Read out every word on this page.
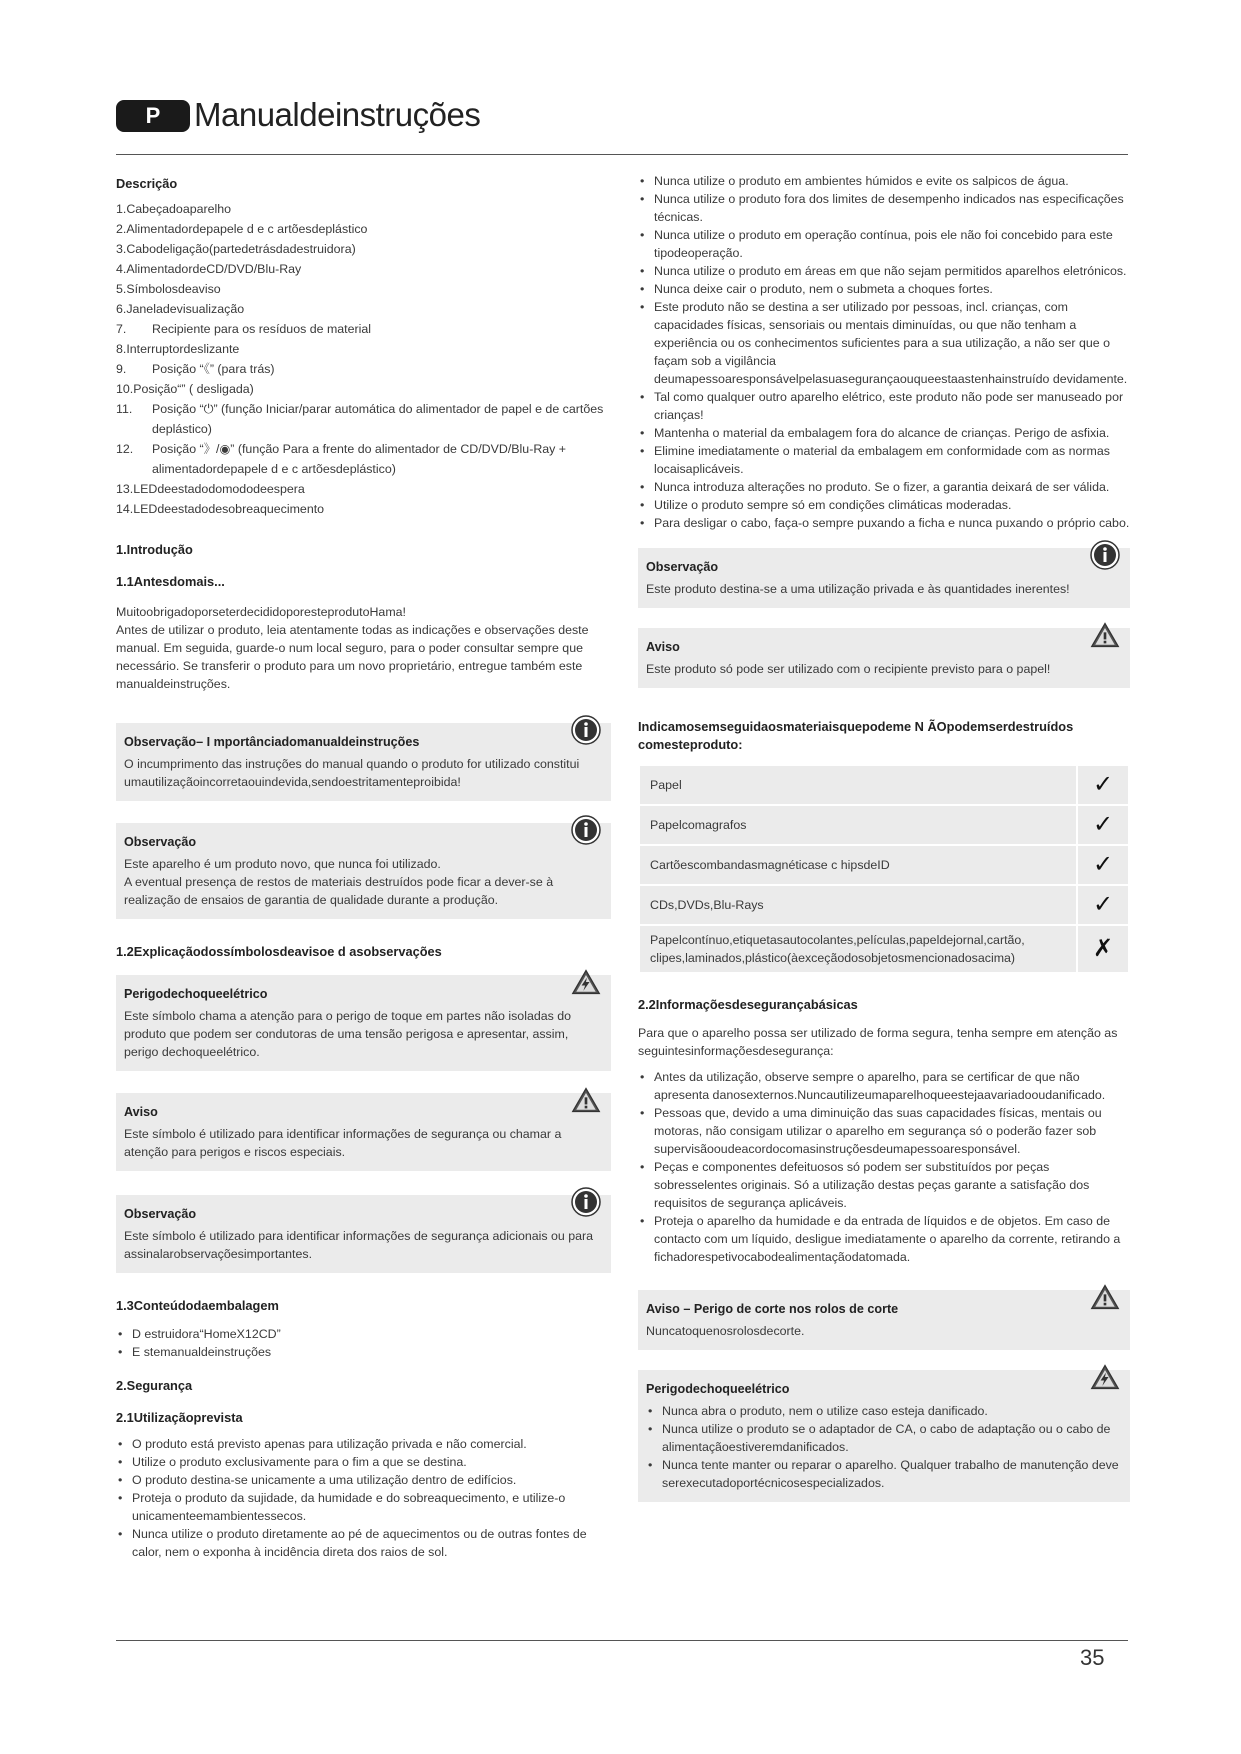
P	Manualdeinstruções
Descrição
1.Cabeçadoaparelho
2.Alimentadordepapele d e c artõesdeplástico
3.Cabodeligação(partedetrásdadestruidora)
4.AlimentadordeCD/DVD/Blu-Ray
5.Símbolosdeaviso
6.Janeladevisualização
7.	Recipiente para os resíduos de material
8.Interruptordeslizante
9.	Posição “《” (para trás)
10.Posição“” ( desligada)
11.	Posição “⏻” (função Iniciar/parar automática do alimentador de papel e de cartões deplástico)
12.	Posição “》/◉” (função Para a frente do alimentador de CD/DVD/Blu-Ray + alimentadordepapele d e c artõesdeplástico)
13.LEDdeestadodomododeespera
14.LEDdeestadodesobreaquecimento
1.Introdução
1.1Antesdomais...

MuitoobrigadoporseterdecididoporesteprodutoHama!

Antes de utilizar o produto, leia atentamente todas as indicações e observações deste manual. Em seguida, guarde-o num local seguro, para o poder consultar sempre que necessário. Se transferir o produto para um novo proprietário, entregue também este manualdeinstruções.

Observação– I mportânciadomanualdeinstruções

O incumprimento das instruções do manual quando o produto for utilizado constitui umautilizaçãoincorretaouindevida,sendoestritamenteproibida!

Observação

Este aparelho é um produto novo, que nunca foi utilizado.

A eventual presença de restos de materiais destruídos pode ficar a dever-se à realização de ensaios de garantia de qualidade durante a produção.

1.2Explicaçãodossímbolosdeavisoe d asobservações
Perigodechoqueelétrico

Este símbolo chama a atenção para o perigo de toque em partes não isoladas do produto que podem ser condutoras de uma tensão perigosa e apresentar, assim, perigo dechoqueelétrico.

Aviso

Este símbolo é utilizado para identificar informações de segurança ou chamar a atenção para perigos e riscos especiais.

Observação

Este símbolo é utilizado para identificar informações de segurança adicionais ou para assinalarobservaçõesimportantes.

1.3Conteúdodaembalagem
• D estruidora“HomeX12CD”
• E stemanualdeinstruções
2.Segurança
2.1Utilizaçãoprevista
• O produto está previsto apenas para utilização privada e não comercial.
• Utilize o produto exclusivamente para o fim a que se destina.
• O produto destina-se unicamente a uma utilização dentro de edifícios.
• Proteja o produto da sujidade, da humidade e do sobreaquecimento, e utilize-o unicamenteemambientessecos.
• Nunca utilize o produto diretamente ao pé de aquecimentos ou de outras fontes de calor, nem o exponha à incidência direta dos raios de sol.
• Nunca utilize o produto em ambientes húmidos e evite os salpicos de água.
• Nunca utilize o produto fora dos limites de desempenho indicados nas especificações técnicas.
• Nunca utilize o produto em operação contínua, pois ele não foi concebido para este tipodeoperação.
• Nunca utilize o produto em áreas em que não sejam permitidos aparelhos eletrónicos.
• Nunca deixe cair o produto, nem o submeta a choques fortes.
• Este produto não se destina a ser utilizado por pessoas, incl. crianças, com capacidades físicas, sensoriais ou mentais diminuídas, ou que não tenham a experiência ou os conhecimentos suficientes para a sua utilização, a não ser que o façam sob a vigilância deumapessoaresponsávelpelasuasegurançaouqueestaastenhainstruído devidamente.
• Tal como qualquer outro aparelho elétrico, este produto não pode ser manuseado por crianças!
• Mantenha o material da embalagem fora do alcance de crianças. Perigo de asfixia.
• Elimine imediatamente o material da embalagem em conformidade com as normas locaisaplicáveis.
• Nunca introduza alterações no produto. Se o fizer, a garantia deixará de ser válida.
• Utilize o produto sempre só em condições climáticas moderadas.
• Para desligar o cabo, faça-o sempre puxando a ficha e nunca puxando o próprio cabo.
Observação

Este produto destina-se a uma utilização privada e às quantidades inerentes!

Aviso

Este produto só pode ser utilizado com o recipiente previsto para o papel!

Indicamosemseguidaosmateriaisquepodeme N ÃOpodemserdestruídos comesteproduto:
Papel	✓
Papelcomagrafos	✓
Cartõescombandasmagnéticase c hipsdeID	✓
CDs,DVDs,Blu-Rays	✓
Papelcontínuo,etiquetasautocolantes,películas,papeldejornal,cartão, clipes,laminados,plástico(àexceçãodosobjetosmencionadosacima)	✗
2.2Informaçõesdesegurançabásicas

Para que o aparelho possa ser utilizado de forma segura, tenha sempre em atenção as seguintesinformaçõesdesegurança:

• Antes da utilização, observe sempre o aparelho, para se certificar de que não apresenta danosexternos.Nuncautilizeumaparelhoqueestejaavariadooudanificado.
• Pessoas que, devido a uma diminuição das suas capacidades físicas, mentais ou motoras, não consigam utilizar o aparelho em segurança só o poderão fazer sob supervisãooudeacordocomasinstruçõesdeumapessoaresponsável.
• Peças e componentes defeituosos só podem ser substituídos por peças sobresselentes originais. Só a utilização destas peças garante a satisfação dos requisitos de segurança aplicáveis.
• Proteja o aparelho da humidade e da entrada de líquidos e de objetos. Em caso de contacto com um líquido, desligue imediatamente o aparelho da corrente, retirando a fichadorespetivocabodealimentaçãodatomada.
Aviso – Perigo de corte nos rolos de corte

Nuncatoquenosrolosdecorte.

Perigodechoqueelétrico
• Nunca abra o produto, nem o utilize caso esteja danificado.
• Nunca utilize o produto se o adaptador de CA, o cabo de adaptação ou o cabo de alimentaçãoestiveremdanificados.
• Nunca tente manter ou reparar o aparelho. Qualquer trabalho de manutenção deve serexecutadoportécnicosespecializados.
35
